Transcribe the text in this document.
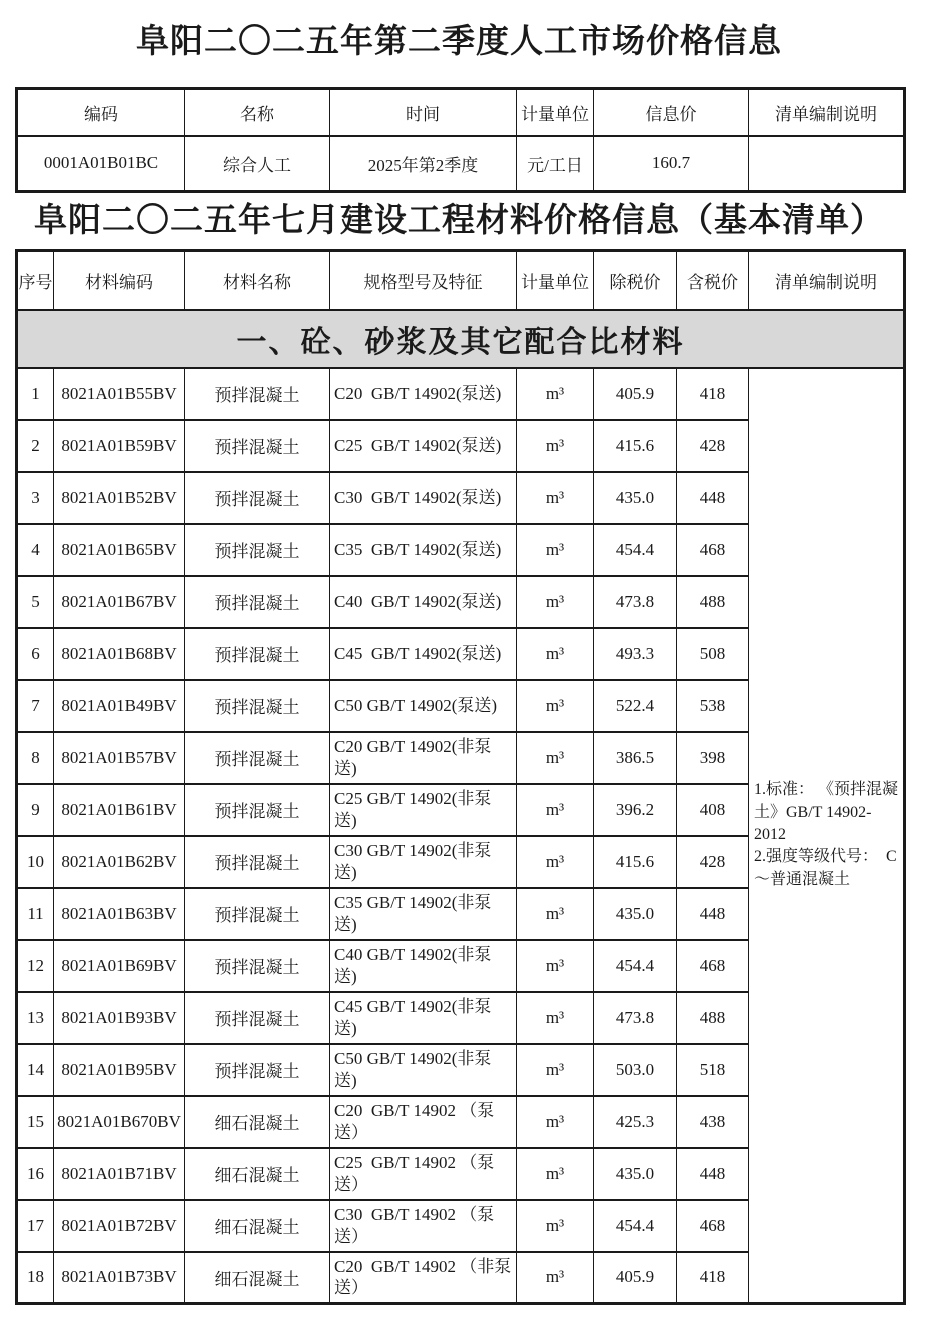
阜阳二〇二五年第二季度人工市场价格信息
编码	名称	时间	计量单位	信息价	清单编制说明
0001A01B01BC	综合人工	2025年第2季度	元/工日	160.7	
阜阳二〇二五年七月建设工程材料价格信息（基本清单）
序号	材料编码	材料名称	规格型号及特征	计量单位	除税价	含税价	清单编制说明
一、砼、砂浆及其它配合比材料							
1	8021A01B55BV	预拌混凝土	C20  GB/T 14902(泵送)	m³	405.9	418	1.标准： 《预拌混凝土》GB/T 14902-2012
2.强度等级代号：  C～普通混凝土

2	8021A01B59BV	预拌混凝土	C25  GB/T 14902(泵送)	m³	415.6	428	
3	8021A01B52BV	预拌混凝土	C30  GB/T 14902(泵送)	m³	435.0	448	
4	8021A01B65BV	预拌混凝土	C35  GB/T 14902(泵送)	m³	454.4	468	
5	8021A01B67BV	预拌混凝土	C40  GB/T 14902(泵送)	m³	473.8	488	
6	8021A01B68BV	预拌混凝土	C45  GB/T 14902(泵送)	m³	493.3	508	
7	8021A01B49BV	预拌混凝土	C50 GB/T 14902(泵送)	m³	522.4	538	
8	8021A01B57BV	预拌混凝土	C20 GB/T 14902(非泵送)	m³	386.5	398	
9	8021A01B61BV	预拌混凝土	C25 GB/T 14902(非泵送)	m³	396.2	408	
10	8021A01B62BV	预拌混凝土	C30 GB/T 14902(非泵送)	m³	415.6	428	
11	8021A01B63BV	预拌混凝土	C35 GB/T 14902(非泵送)	m³	435.0	448	
12	8021A01B69BV	预拌混凝土	C40 GB/T 14902(非泵送)	m³	454.4	468	
13	8021A01B93BV	预拌混凝土	C45 GB/T 14902(非泵送)	m³	473.8	488	
14	8021A01B95BV	预拌混凝土	C50 GB/T 14902(非泵送)	m³	503.0	518	
15	8021A01B670BV	细石混凝土	C20  GB/T 14902 （泵送）	m³	425.3	438	
16	8021A01B71BV	细石混凝土	C25  GB/T 14902 （泵送）	m³	435.0	448	
17	8021A01B72BV	细石混凝土	C30  GB/T 14902 （泵送）	m³	454.4	468	
18	8021A01B73BV	细石混凝土	C20  GB/T 14902 （非泵送）	m³	405.9	418	
